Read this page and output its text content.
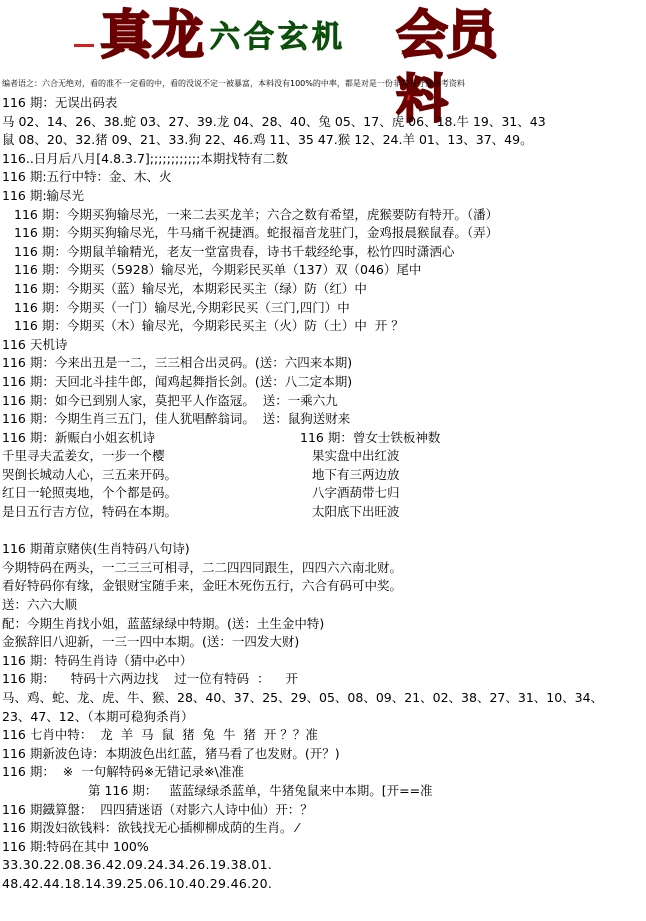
真龙 六合玄机 会员料
编者语之：六合无绝对，看的准不一定看的中，看的没说不定一被暴富，本料没有100%的中率，都是对是一份非常有分量参考资料
116 期：无误出码表
马 02、14、26、38.蛇 03、27、39.龙 04、28、40、兔 05、17、虎 06、18.牛 19、31、43
鼠 08、20、32.猪 09、21、33.狗 22、46.鸡 11、35 47.猴 12、24.羊 01、13、37、49。
116..日月后八月[4.8.3.7];;;;;;;;;;;;本期找特有二数
116 期:五行中特：金、木、火
116 期:输尽光
116 期：今期买狗输尽光，一来二去买龙羊；六合之数有希望，虎猴要防有特开。（潘）
116 期：今期买狗输尽光，牛马痛千祝捷酒。蛇报福音龙驻门，金鸡报晨猴鼠春。（弄）
116 期：今期鼠羊输精光，老友一堂富贵春，诗书千载经纶事，松竹四时潇洒心
116 期：今期买（5928）输尽光，今期彩民买单（137）双（046）尾中
116 期：今期买（蓝）输尽光，本期彩民买主（绿）防（红）中
116 期：今期买（一门）输尽光,今期彩民买（三门,四门）中
116 期：今期买（木）输尽光，今期彩民买主（火）防（土）中  开 ？
116 天机诗
116 期：今来出丑是一二，三三相合出灵码。(送：六四来本期)
116 期：天回北斗挂牛郎，闻鸡起舞指长剑。(送：八二定本期)
116 期：如今已到别人家，莫把平人作盗冦。  送：一乘六九
116 期：今期生肖三五门，佳人犹唱醉翁词。  送：鼠狗送财来
116 期：新赈白小姐玄机诗	116 期：曾女士铁板神数
千里寻夫孟姜女，一步一个樱	果实盘中出红波
哭倒长城动人心，三五来开码。	地下有三两边放
红日一轮照夷地，个个都是码。	八字酒葫带七归
是日五行吉方位，特码在本期。	太阳底下出旺波
116 期莆京赌侠(生肖特码八句诗)
今期特码在两头，一二三三可相寻，二二四四同跟生，四四六六南北财。
看好特码你有缘，金银财宝随手来，金旺木死伤五行，六合有码可中奖。
送：六六大顺
配：今期生肖找小姐，蓝蓝绿绿中特期。(送：土生金中特)
金猴辞旧八迎新，一三一四中本期。(送：一四发大财)
116 期：特码生肖诗（猜中必中）
116 期：    特码十六两边找    过一位有特码  ：    开
马、鸡、蛇、龙、虎、牛、猴、28、40、37、25、29、05、08、09、21、02、38、27、31、10、34、
23、47、12、（本期可稳狗杀肖）
116 七肖中特：  龙  羊  马  鼠  猪  兔  牛  猪  开 ？？准
116 期新波色诗：本期波色出红蓝，猪马看了也发财。(开？)
116 期：  ※  一句解特码※无错记录※\准准
第 116 期：   蓝蓝绿绿杀蓝单，牛猪兔鼠来中本期。[开==准
116 期鐡算盤：  四四猜迷语（对影六人诗中仙）开：？
116 期泼妇欲钱料：欲钱找无心插柳柳成荫的生肖。 ⁄
116 期:特码在其中 100%
33.30.22.08.36.42.09.24.34.26.19.38.01.
48.42.44.18.14.39.25.06.10.40.29.46.20.
